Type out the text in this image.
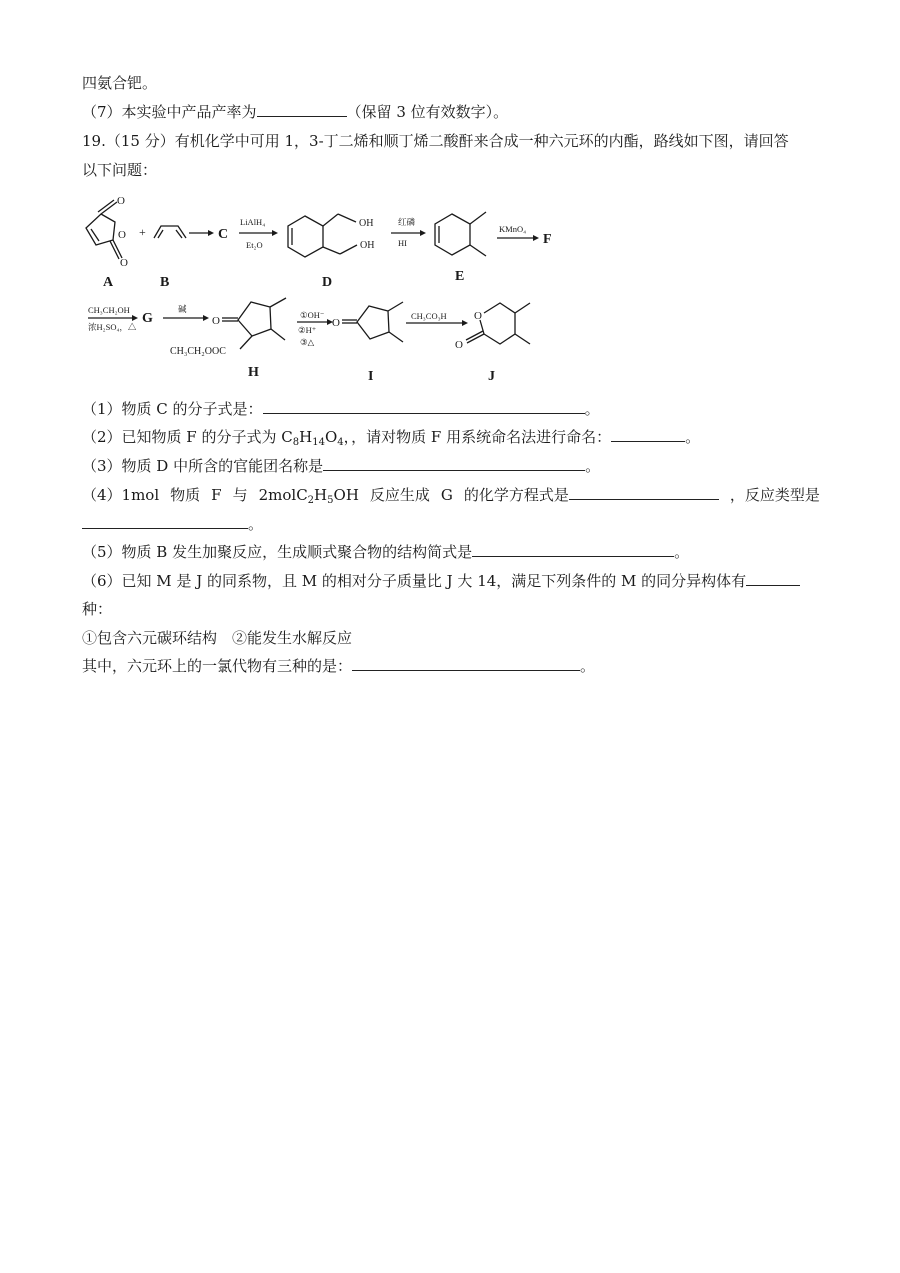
四氨合钯。
（7）本实验中产品产率为	（保留 3 位有效数字）。
19.（15 分）有机化学中可用 1，3-丁二烯和顺丁烯二酸酐来合成一种六元环的内酯，路线如下图，请回答
以下问题：
O
O
O
A
+
B
C
LiAlH₄
Et₂O
OH
OH
D
红磷
HI
E
KMnO₄
F
CH₃CH₂OH
浓H₂SO₄，△
G
碱
O
CH₃CH₂OOC
H
①OH⁻
②H⁺
③△
O
I
CH₃CO₃H O
O
J
（1）物质 C 的分子式是：	。
（2）已知物质 F 的分子式为 $C_8H_{14}O_4$，，请对物质 F 用系统命名法进行命名：	。
（3）物质 D 中所含的官能团名称是	。
（4）1mol 物质 F 与 $2molC_2H_5OH$ 反应生成 G 的化学方程式是	，反应类型是
。
（5）物质 B 发生加聚反应，生成顺式聚合物的结构简式是	。
（6）已知 M 是 J 的同系物，且 M 的相对分子质量比 J 大 14，满足下列条件的 M 的同分异构体有
种：
①包含六元碳环结构　②能发生水解反应
其中，六元环上的一氯代物有三种的是：	。
